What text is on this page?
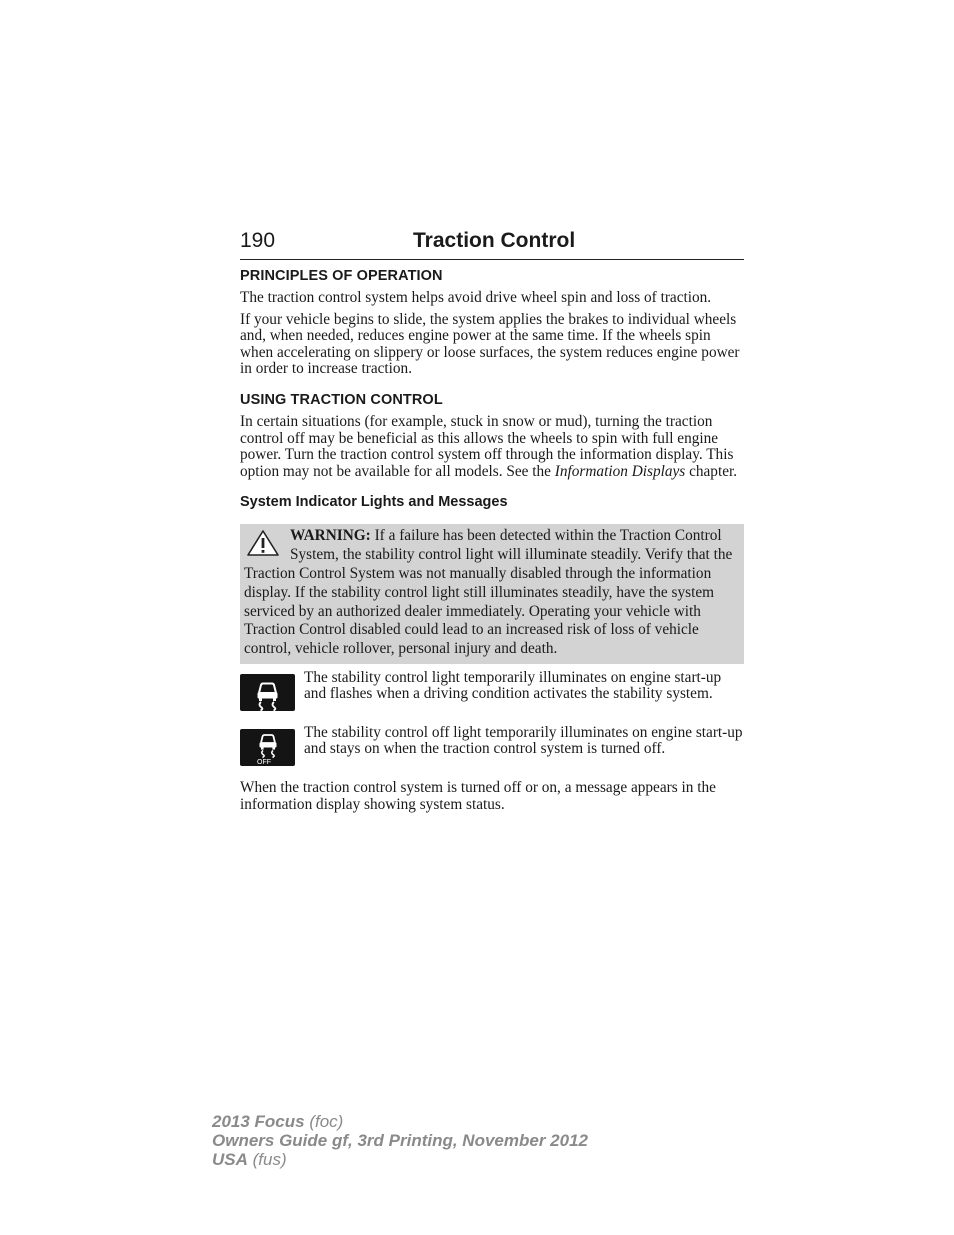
190	Traction Control
PRINCIPLES OF OPERATION

The traction control system helps avoid drive wheel spin and loss of traction.

If your vehicle begins to slide, the system applies the brakes to individual wheels and, when needed, reduces engine power at the same time. If the wheels spin when accelerating on slippery or loose surfaces, the system reduces engine power in order to increase traction.

USING TRACTION CONTROL

In certain situations (for example, stuck in snow or mud), turning the traction control off may be beneficial as this allows the wheels to spin with full engine power. Turn the traction control system off through the information display. This option may not be available for all models. See the Information Displays chapter.

System Indicator Lights and Messages

WARNING: If a failure has been detected within the Traction Control System, the stability control light will illuminate steadily. Verify that the Traction Control System was not manually disabled through the information display. If the stability control light still illuminates steadily, have the system serviced by an authorized dealer immediately. Operating your vehicle with Traction Control disabled could lead to an increased risk of loss of vehicle control, vehicle rollover, personal injury and death.

The stability control light temporarily illuminates on engine start-up and flashes when a driving condition activates the stability system.

OFF

The stability control off light temporarily illuminates on engine start-up and stays on when the traction control system is turned off.

When the traction control system is turned off or on, a message appears in the information display showing system status.

2013 Focus (foc)
Owners Guide gf, 3rd Printing, November 2012
USA (fus)
